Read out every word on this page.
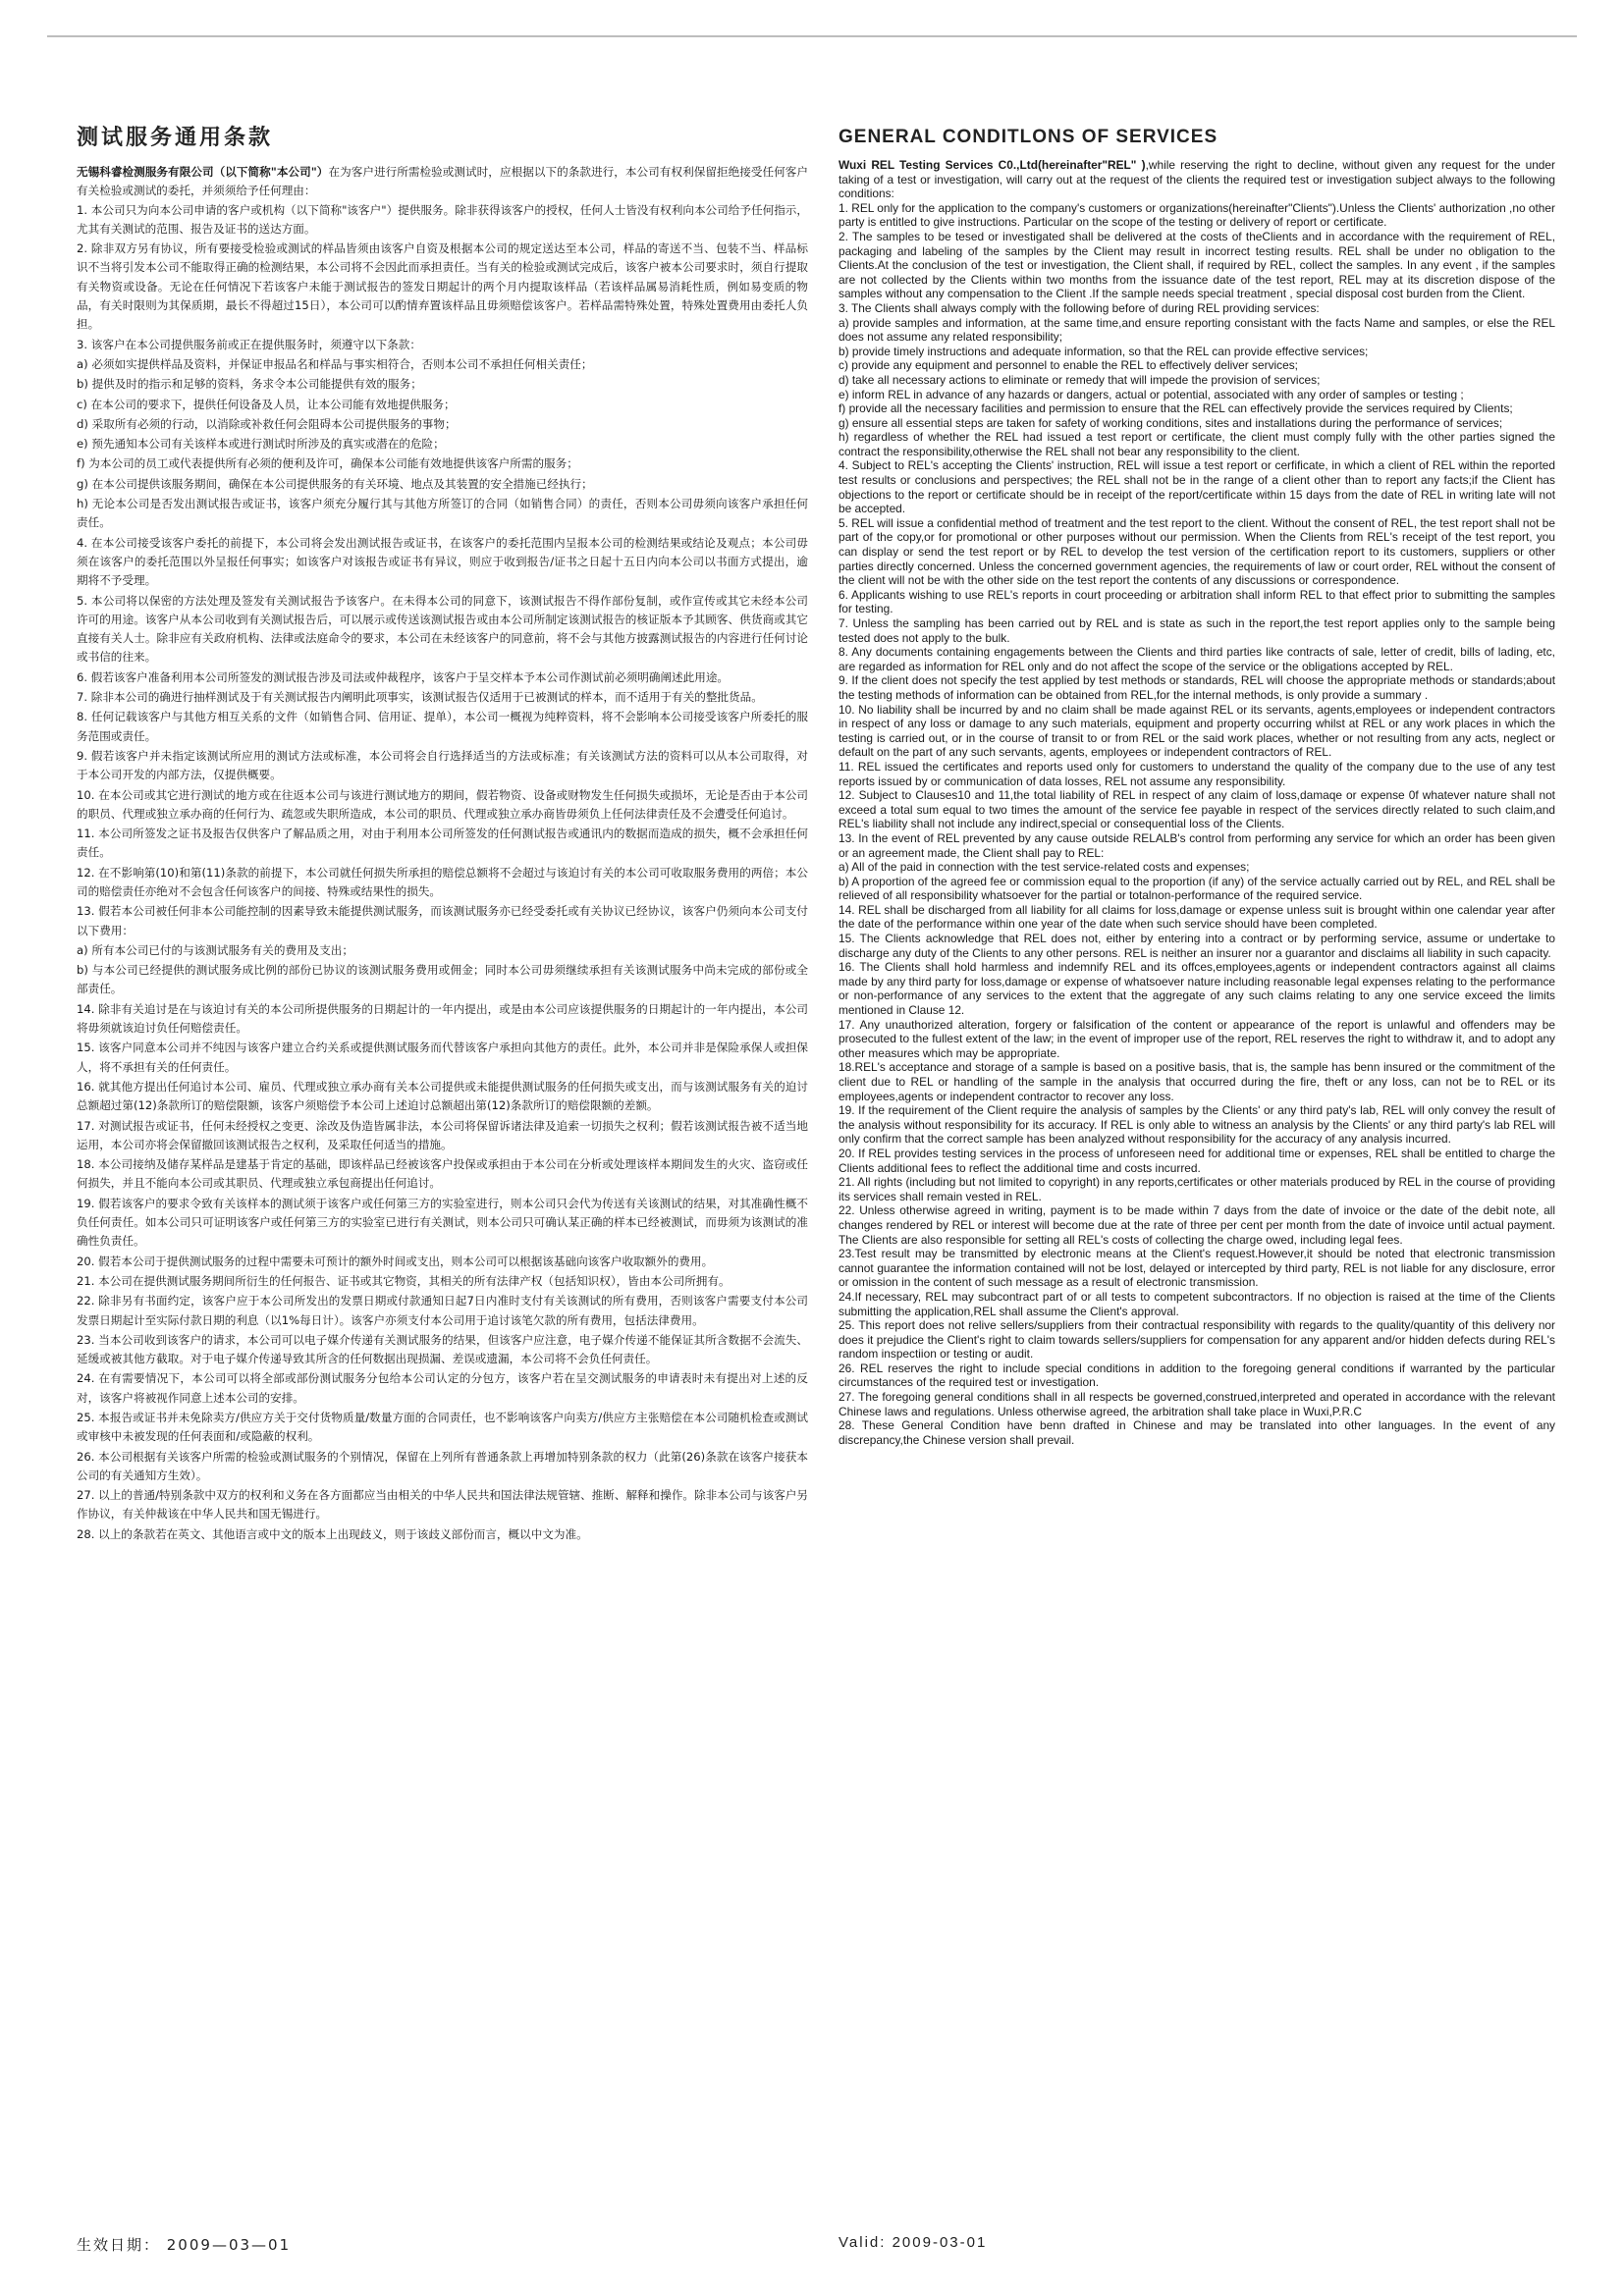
测试服务通用条款

无锡科睿检测服务有限公司（以下简称"本公司"）在为客户进行所需检验或测试时，应根据以下的条款进行，本公司有权利保留拒绝接受任何客户有关检验或测试的委托，并须须给予任何理由：

1. 本公司只为向本公司申请的客户或机构（以下简称"该客户"）提供服务。除非获得该客户的授权，任何人士皆没有权利向本公司给予任何指示，尤其有关测试的范围、报告及证书的送达方面。

2. 除非双方另有协议，所有要接受检验或测试的样品皆须由该客户自资及根据本公司的规定送达至本公司，样品的寄送不当、包装不当、样品标识不当将引发本公司不能取得正确的检测结果，本公司将不会因此而承担责任。当有关的检验或测试完成后，该客户被本公司要求时，须自行提取有关物资或设备。无论在任何情况下若该客户未能于测试报告的签发日期起计的两个月内提取该样品（若该样品属易消耗性质，例如易变质的物品，有关时限则为其保质期，最长不得超过15日），本公司可以酌情弃置该样品且毋须赔偿该客户。若样品需特殊处置，特殊处置费用由委托人负担。

3. 该客户在本公司提供服务前或正在提供服务时，须遵守以下条款：

a) 必须如实提供样品及资料，并保证申报品名和样品与事实相符合，否则本公司不承担任何相关责任；

b) 提供及时的指示和足够的资料，务求令本公司能提供有效的服务；

c) 在本公司的要求下，提供任何设备及人员，让本公司能有效地提供服务；

d) 采取所有必须的行动，以消除或补救任何会阻碍本公司提供服务的事物；

e) 预先通知本公司有关该样本或进行测试时所涉及的真实或潜在的危险；

f) 为本公司的员工或代表提供所有必须的便利及许可，确保本公司能有效地提供该客户所需的服务；

g) 在本公司提供该服务期间，确保在本公司提供服务的有关环境、地点及其装置的安全措施已经执行；

h) 无论本公司是否发出测试报告或证书，该客户须充分履行其与其他方所签订的合同（如销售合同）的责任，否则本公司毋须向该客户承担任何责任。

4. 在本公司接受该客户委托的前提下，本公司将会发出测试报告或证书，在该客户的委托范围内呈报本公司的检测结果或结论及观点；本公司毋须在该客户的委托范围以外呈报任何事实；如该客户对该报告或证书有异议，则应于收到报告/证书之日起十五日内向本公司以书面方式提出，逾期将不予受理。

5. 本公司将以保密的方法处理及签发有关测试报告予该客户。在未得本公司的同意下，该测试报告不得作部份复制，或作宣传或其它未经本公司许可的用途。该客户从本公司收到有关测试报告后，可以展示或传送该测试报告或由本公司所制定该测试报告的核证版本予其顾客、供货商或其它直接有关人士。除非应有关政府机构、法律或法庭命令的要求，本公司在未经该客户的同意前，将不会与其他方披露测试报告的内容进行任何讨论或书信的往来。

6. 假若该客户准备利用本公司所签发的测试报告涉及司法或仲裁程序，该客户于呈交样本予本公司作测试前必须明确阐述此用途。

7. 除非本公司的确进行抽样测试及于有关测试报告内阐明此项事实，该测试报告仅适用于已被测试的样本，而不适用于有关的整批货品。

8. 任何记载该客户与其他方相互关系的文件（如销售合同、信用证、提单），本公司一概视为纯粹资料，将不会影响本公司接受该客户所委托的服务范围或责任。

9. 假若该客户并未指定该测试所应用的测试方法或标准，本公司将会自行选择适当的方法或标准；有关该测试方法的资料可以从本公司取得，对于本公司开发的内部方法，仅提供概要。

10. 在本公司或其它进行测试的地方或在往返本公司与该进行测试地方的期间，假若物资、设备或财物发生任何损失或损坏，无论是否由于本公司的职员、代理或独立承办商的任何行为、疏忽或失职所造成，本公司的职员、代理或独立承办商皆毋须负上任何法律责任及不会遭受任何追讨。

11. 本公司所签发之证书及报告仅供客户了解品质之用，对由于利用本公司所签发的任何测试报告或通讯内的数据而造成的损失，概不会承担任何责任。

12. 在不影响第(10)和第(11)条款的前提下，本公司就任何损失所承担的赔偿总额将不会超过与该迫讨有关的本公司可收取服务费用的两倍；本公司的赔偿责任亦绝对不会包含任何该客户的间接、特殊或结果性的损失。

13. 假若本公司被任何非本公司能控制的因素导致未能提供测试服务，而该测试服务亦已经受委托或有关协议已经协议，该客户仍须向本公司支付以下费用：

a) 所有本公司已付的与该测试服务有关的费用及支出；

b) 与本公司已经提供的测试服务成比例的部份已协议的该测试服务费用或佣金；同时本公司毋须继续承担有关该测试服务中尚未完成的部份或全部责任。

14. 除非有关追讨是在与该迫讨有关的本公司所提供服务的日期起计的一年内提出，或是由本公司应该提供服务的日期起计的一年内提出，本公司将毋须就该迫讨负任何赔偿责任。

15. 该客户同意本公司并不纯因与该客户建立合约关系或提供测试服务而代替该客户承担向其他方的责任。此外，本公司并非是保险承保人或担保人，将不承担有关的任何责任。

16. 就其他方提出任何追讨本公司、雇员、代理或独立承办商有关本公司提供或未能提供测试服务的任何损失或支出，而与该测试服务有关的迫讨总额超过第(12)条款所订的赔偿限额，该客户须赔偿予本公司上述迫讨总额超出第(12)条款所订的赔偿限额的差额。

17. 对测试报告或证书，任何未经授权之变更、涂改及伪造皆属非法，本公司将保留诉诸法律及追索一切损失之权利；假若该测试报告被不适当地运用，本公司亦将会保留撤回该测试报告之权利，及采取任何适当的措施。

18. 本公司接纳及储存某样品是建基于肯定的基础，即该样品已经被该客户投保或承担由于本公司在分析或处理该样本期间发生的火灾、盗窃或任何损失，并且不能向本公司或其职员、代理或独立承包商提出任何追讨。

19. 假若该客户的要求令致有关该样本的测试须于该客户或任何第三方的实验室进行，则本公司只会代为传送有关该测试的结果，对其准确性概不负任何责任。如本公司只可证明该客户或任何第三方的实验室已进行有关测试，则本公司只可确认某正确的样本已经被测试，而毋须为该测试的准确性负责任。

20. 假若本公司于提供测试服务的过程中需要未可预计的额外时间或支出，则本公司可以根据该基础向该客户收取额外的费用。

21. 本公司在提供测试服务期间所衍生的任何报告、证书或其它物资，其相关的所有法律产权（包括知识权），皆由本公司所拥有。

22. 除非另有书面约定，该客户应于本公司所发出的发票日期或付款通知日起7日内准时支付有关该测试的所有费用，否则该客户需要支付本公司发票日期起计至实际付款日期的利息（以1%每日计）。该客户亦须支付本公司用于追讨该笔欠款的所有费用，包括法律费用。

23. 当本公司收到该客户的请求，本公司可以电子媒介传递有关测试服务的结果，但该客户应注意，电子媒介传递不能保证其所含数据不会流失、延缓或被其他方截取。对于电子媒介传递导致其所含的任何数据出现损漏、差误或遗漏，本公司将不会负任何责任。

24. 在有需要情况下，本公司可以将全部或部份测试服务分包给本公司认定的分包方，该客户若在呈交测试服务的申请表时未有提出对上述的反对，该客户将被视作同意上述本公司的安排。

25. 本报告或证书并未免除卖方/供应方关于交付货物质量/数量方面的合同责任，也不影响该客户向卖方/供应方主张赔偿在本公司随机检查或测试或审核中未被发现的任何表面和/或隐蔽的权利。

26. 本公司根据有关该客户所需的检验或测试服务的个别情况，保留在上列所有普通条款上再增加特别条款的权力（此第(26)条款在该客户接获本公司的有关通知方生效）。

27. 以上的普通/特别条款中双方的权利和义务在各方面都应当由相关的中华人民共和国法律法规管辖、推断、解释和操作。除非本公司与该客户另作协议，有关仲裁该在中华人民共和国无锡进行。

28. 以上的条款若在英文、其他语言或中文的版本上出现歧义，则于该歧义部份而言，概以中文为准。

GENERAL CONDITLONS OF SERVICES

Wuxi REL Testing Services C0.,Ltd(hereinafter"REL" ),while reserving the right to decline, without given any request for the under taking of a test or investigation, will carry out at the request of the clients the required test or investigation subject always to the following conditions:

1. REL only for the application to the company's customers or organizations(hereinafter"Clients").Unless the Clients' authorization ,no other party is entitled to give instructions. Particular on the scope of the testing or delivery of report or certificate.

2. The samples to be tesed or investigated shall be delivered at the costs of theClients and in accordance with the requirement of REL, packaging and labeling of the samples by the Client may result in incorrect testing results. REL shall be under no obligation to the Clients.At the conclusion of the test or investigation, the Client shall, if required by REL, collect the samples. In any event , if the samples are not collected by the Clients within two months from the issuance date of the test report, REL may at its discretion dispose of the samples without any compensation to the Client .If the sample needs special treatment , special disposal cost burden from the Client.

3. The Clients shall always comply with the following before of during REL providing services:

a) provide samples and information, at the same time,and ensure reporting consistant with the facts Name and samples, or else the REL does not assume any related responsibility;

b) provide timely instructions and adequate information, so that the REL can provide effective services;

c) provide any equipment and personnel to enable the REL to effectively deliver services;

d) take all necessary actions to eliminate or remedy that will impede the provision of services;

e) inform REL in advance of any hazards or dangers, actual or potential, associated with any order of samples or testing ;

f) provide all the necessary facilities and permission to ensure that the REL can effectively provide the services required by Clients;

g) ensure all essential steps are taken for safety of working conditions, sites and installations during the performance of services;

h) regardless of whether the REL had issued a test report or certificate, the client must comply fully with the other parties signed the contract the responsibility,otherwise the REL shall not bear any responsibility to the client.

4. Subject to REL's accepting the Clients' instruction, REL will issue a test report or cerfificate, in which a client of REL within the reported test results or conclusions and perspectives; the REL shall not be in the range of a client other than to report any facts;if the Client has objections to the report or certificate should be in receipt of the report/certificate within 15 days from the date of REL in writing late will not be accepted.

5. REL will issue a confidential method of treatment and the test report to the client. Without the consent of REL, the test report shall not be part of the copy,or for promotional or other purposes without our permission. When the Clients from REL's receipt of the test report, you can display or send the test report or by REL to develop the test version of the certification report to its customers, suppliers or other parties directly concerned. Unless the concerned government agencies, the requirements of law or court order, REL without the consent of the client will not be with the other side on the test report the contents of any discussions or correspondence.

6. Applicants wishing to use REL's reports in court proceeding or arbitration shall inform REL to that effect prior to submitting the samples for testing.

7. Unless the sampling has been carried out by REL and is state as such in the report,the test report applies only to the sample being tested does not apply to the bulk.

8. Any documents containing engagements between the Clients and third parties like contracts of sale, letter of credit, bills of lading, etc, are regarded as information for REL only and do not affect the scope of the service or the obligations accepted by REL.

9. If the client does not specify the test applied by test methods or standards, REL will choose the appropriate methods or standards;about the testing methods of information can be obtained from REL,for the internal methods, is only provide a summary .

10. No liability shall be incurred by and no claim shall be made against REL or its servants, agents,employees or independent contractors in respect of any loss or damage to any such materials, equipment and property occurring whilst at REL or any work places in which the testing is carried out, or in the course of transit to or from REL or the said work places, whether or not resulting from any acts, neglect or default on the part of any such servants, agents, employees or independent contractors of REL.

11. REL issued the certificates and reports used only for customers to understand the quality of the company due to the use of any test reports issued by or communication of data losses, REL not assume any responsibility.

12. Subject to Clauses10 and 11,the total liability of REL in respect of any claim of loss,damaqe or expense 0f whatever nature shall not exceed a total sum equal to two times the amount of the service fee payable in respect of the services directly related to such claim,and REL's liability shall not include any indirect,special or consequential loss of the Clients.

13. In the event of REL prevented by any cause outside RELALB's control from performing any service for which an order has been given or an agreement made, the Client shall pay to REL:

a) All of the paid in connection with the test service-related costs and expenses;

b) A proportion of the agreed fee or commission equal to the proportion (if any) of the service actually carried out by REL, and REL shall be relieved of all responsibility whatsoever for the partial or totalnon-performance of the required service.

14. REL shall be discharged from all liability for all claims for loss,damage or expense unless suit is brought within one calendar year after the date of the performance within one year of the date when such service should have been completed.

15. The Clients acknowledge that REL does not, either by entering into a contract or by performing service, assume or undertake to discharge any duty of the Clients to any other persons. REL is neither an insurer nor a guarantor and disclaims all liability in such capacity.

16. The Clients shall hold harmless and indemnify REL and its offces,employees,agents or independent contractors against all claims made by any third party for loss,damage or expense of whatsoever nature including reasonable legal expenses relating to the performance or non-performance of any services to the extent that the aggregate of any such claims relating to any one service exceed the limits mentioned in Clause 12.

17. Any unauthorized alteration, forgery or falsification of the content or appearance of the report is unlawful and offenders may be prosecuted to the fullest extent of the law; in the event of improper use of the report, REL reserves the right to withdraw it, and to adopt any other measures which may be appropriate.

18.REL's acceptance and storage of a sample is based on a positive basis, that is, the sample has benn insured or the commitment of the client due to REL or handling of the sample in the analysis that occurred during the fire, theft or any loss, can not be to REL or its employees,agents or independent contractor to recover any loss.

19. If the requirement of the Client require the analysis of samples by the Clients' or any third paty's lab, REL will only convey the result of the analysis without responsibility for its accuracy. If REL is only able to witness an analysis by the Clients' or any third party's lab REL will only confirm that the correct sample has been analyzed without responsibility for the accuracy of any analysis incurred.

20. If REL provides testing services in the process of unforeseen need for additional time or expenses, REL shall be entitled to charge the Clients additional fees to reflect the additional time and costs incurred.

21. All rights (including but not limited to copyright) in any reports,certificates or other materials produced by REL in the course of providing its services shall remain vested in REL.

22. Unless otherwise agreed in writing, payment is to be made within 7 days from the date of invoice or the date of the debit note, all changes rendered by REL or interest will become due at the rate of three per cent per month from the date of invoice until actual payment. The Clients are also responsible for setting all REL's costs of collecting the charge owed, including legal fees.

23.Test result may be transmitted by electronic means at the Client's request.However,it should be noted that electronic transmission cannot guarantee the information contained will not be lost, delayed or intercepted by third party, REL is not liable for any disclosure, error or omission in the content of such message as a result of electronic transmission.

24.If necessary, REL may subcontract part of or all tests to competent subcontractors. If no objection is raised at the time of the Clients submitting the application,REL shall assume the Client's approval.

25. This report does not relive sellers/suppliers from their contractual responsibility with regards to the quality/quantity of this delivery nor does it prejudice the Client's right to claim towards sellers/suppliers for compensation for any apparent and/or hidden defects during REL's random inspectiion or testing or audit.

26. REL reserves the right to include special conditions in addition to the foregoing general conditions if warranted by the particular circumstances of the required test or investigation.

27. The foregoing general conditions shall in all respects be governed,construed,interpreted and operated in accordance with the relevant Chinese laws and regulations. Unless otherwise agreed, the arbitration shall take place in Wuxi,P.R.C

28. These General Condition have benn drafted in Chinese and may be translated into other languages. In the event of any discrepancy,the Chinese version shall prevail.

生效日期： 2009—03—01	Valid: 2009-03-01
